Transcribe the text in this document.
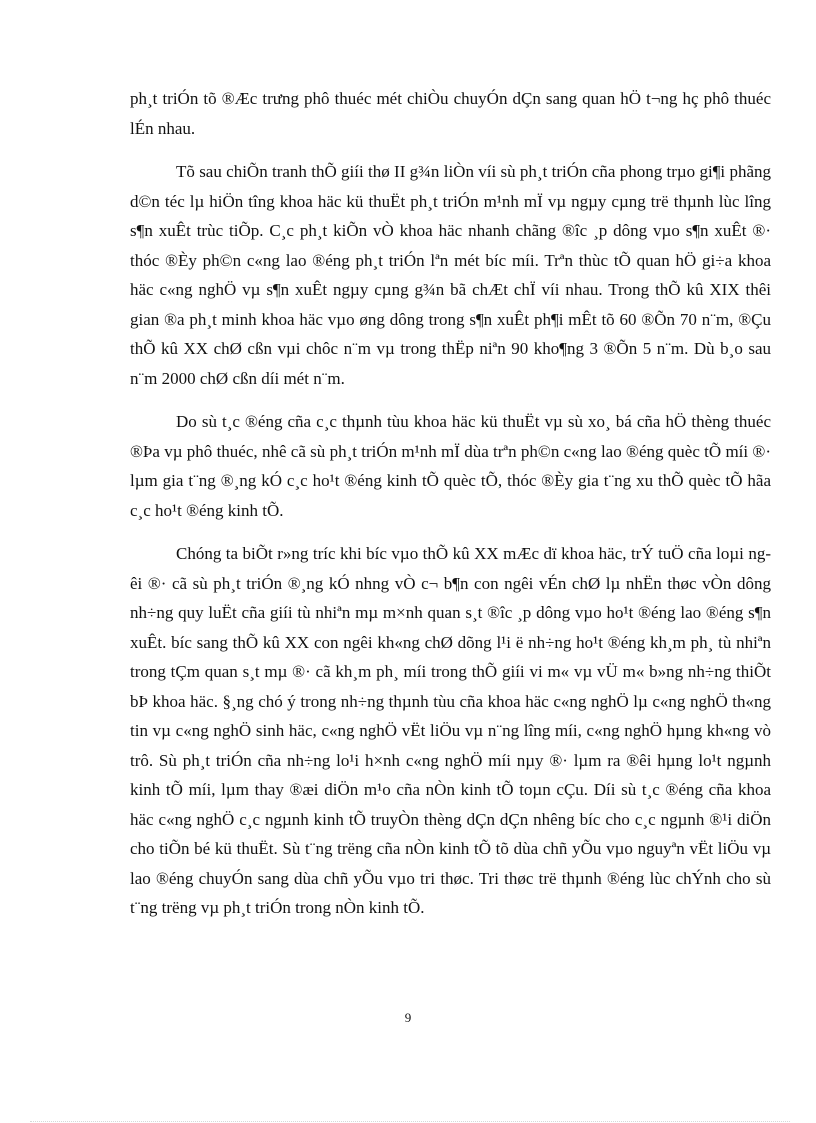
ph¸t triÓn tõ ®Æc trưng phô thuéc mét chiÒu chuyÓn dÇn sang quan hÖ t¬ng hç phô thuéc lÉn nhau.

Tõ sau chiÕn tranh thÕ giíi thø II g¾n liÒn víi sù ph¸t triÓn cña phong trµo gi¶i phãng d©n téc lµ hiÖn tîng khoa häc kü thuËt ph¸t triÓn m¹nh mÏ vµ ngµy cµng trë thµnh lùc lîng s¶n xuÊt trùc tiÕp. C¸c ph¸t kiÕn vÒ khoa häc nhanh chãng ®îc ¸p dông vµo s¶n xuÊt ®· thóc ®Èy ph©n c«ng lao ®éng ph¸t triÓn lªn mét bíc míi. Trªn thùc tÕ quan hÖ gi÷a khoa häc c«ng nghÖ vµ s¶n xuÊt ngµy cµng g¾n bã chÆt chÏ víi nhau. Trong thÕ kû XIX thêi gian ®a ph¸t minh khoa häc vµo øng dông trong s¶n xuÊt ph¶i mÊt tõ 60 ®Õn 70 n¨m, ®Çu thÕ kû XX chØ cßn vµi chôc n¨m vµ trong thËp niªn 90 kho¶ng 3 ®Õn 5 n¨m. Dù b¸o sau n¨m 2000 chØ cßn díi mét n¨m.

Do sù t¸c ®éng cña c¸c thµnh tùu khoa häc kü thuËt vµ sù xo¸ bá cña hÖ thèng thuéc ®Þa vµ phô thuéc, nhê cã sù ph¸t triÓn m¹nh mÏ dùa trªn ph©n c«ng lao ®éng quèc tÕ míi ®· lµm gia t¨ng ®¸ng kÓ c¸c ho¹t ®éng kinh tÕ quèc tÕ, thóc ®Èy gia t¨ng xu thÕ quèc tÕ hãa c¸c ho¹t ®éng kinh tÕ.

Chóng ta biÕt r»ng tríc khi bíc vµo thÕ kû XX mÆc dï khoa häc, trÝ tuÖ cña loµi ngêi ®· cã sù ph¸t triÓn ®¸ng kÓ nhng vÒ c¬ b¶n con ngêi vÉn chØ lµ nhËn thøc vÒn dông nh÷ng quy luËt cña giíi tù nhiªn mµ m×nh quan s¸t ®îc ¸p dông vµo ho¹t ®éng lao ®éng s¶n xuÊt. bíc sang thÕ kû XX con ngêi kh«ng chØ dõng l¹i ë nh÷ng ho¹t ®éng kh¸m ph¸ tù nhiªn trong tÇm quan s¸t mµ ®· cã kh¸m ph¸ míi trong thÕ giíi vi m« vµ vÜ m« b»ng nh÷ng thiÕt bÞ khoa häc. §¸ng chó ý trong nh÷ng thµnh tùu cña khoa häc c«ng nghÖ lµ c«ng nghÖ th«ng tin vµ c«ng nghÖ sinh häc, c«ng nghÖ vËt liÖu vµ n¨ng lîng míi, c«ng nghÖ hµng kh«ng vò trô. Sù ph¸t triÓn cña nh÷ng lo¹i h×nh c«ng nghÖ míi nµy ®· lµm ra ®êi hµng lo¹t ngµnh kinh tÕ míi, lµm thay ®æi diÖn m¹o cña nÒn kinh tÕ toµn cÇu. Díi sù t¸c ®éng cña khoa häc c«ng nghÖ c¸c ngµnh kinh tÕ truyÒn thèng dÇn dÇn nhêng bíc cho c¸c ngµnh ®¹i diÖn cho tiÕn bé kü thuËt. Sù t¨ng trëng cña nÒn kinh tÕ tõ dùa chñ yÕu vµo nguyªn vËt liÖu vµ lao ®éng chuyÓn sang dùa chñ yÕu vµo tri thøc. Tri thøc trë thµnh ®éng lùc chÝnh cho sù t¨ng trëng vµ ph¸t triÓn trong nÒn kinh tÕ.

9
